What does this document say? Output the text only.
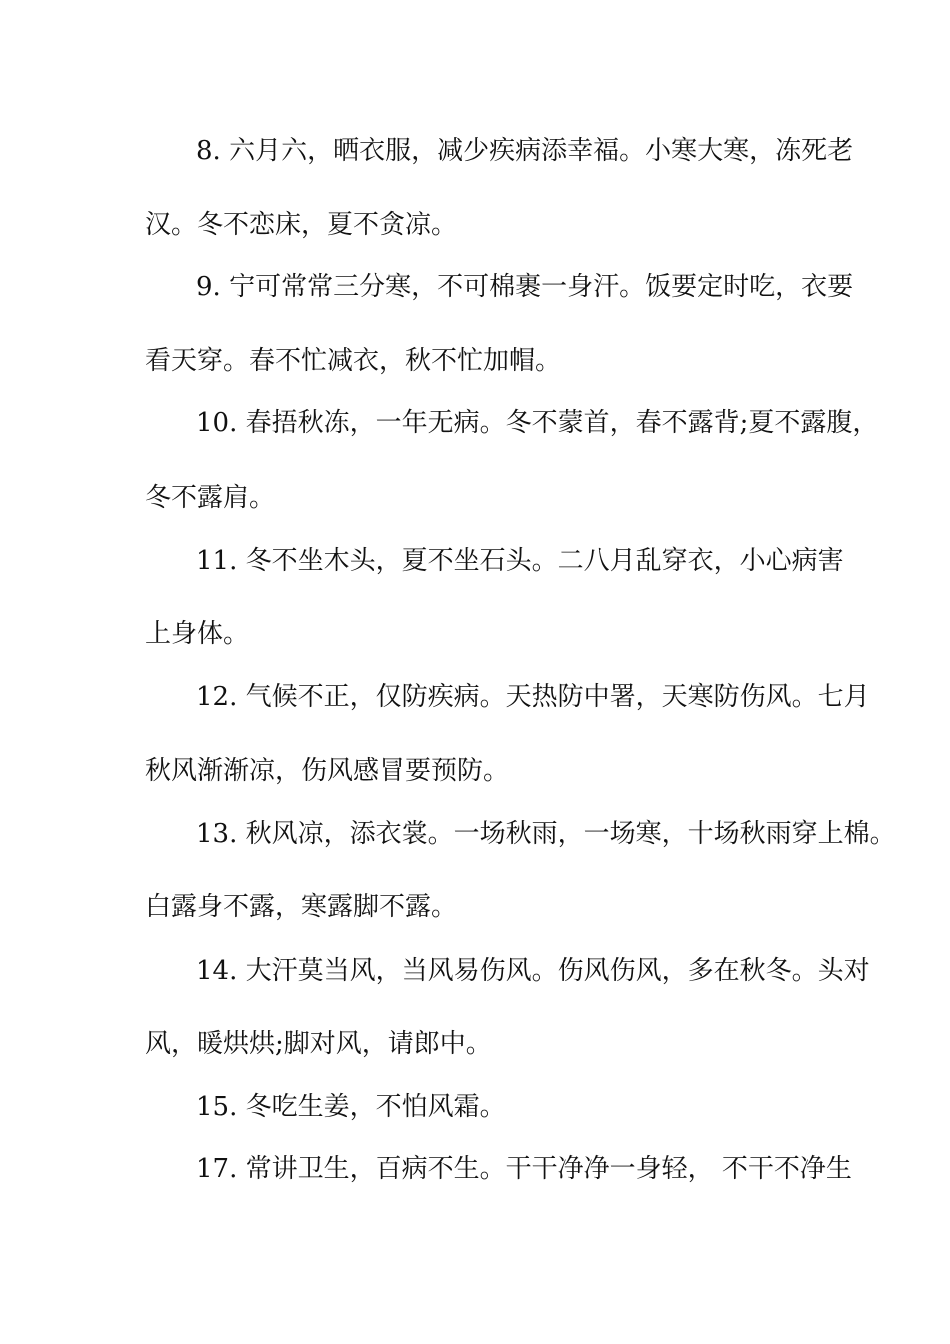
8. 六月六，晒衣服，减少疾病添幸福。小寒大寒，冻死老
汉。冬不恋床，夏不贪凉。
9. 宁可常常三分寒，不可棉裹一身汗。饭要定时吃，衣要
看天穿。春不忙减衣，秋不忙加帽。
10. 春捂秋冻，一年无病。冬不蒙首，春不露背;夏不露腹，
冬不露肩。
11. 冬不坐木头，夏不坐石头。二八月乱穿衣，小心病害
上身体。
12. 气候不正，仅防疾病。天热防中署，天寒防伤风。七月
秋风渐渐凉，伤风感冒要预防。
13. 秋风凉，添衣裳。一场秋雨，一场寒，十场秋雨穿上棉。
白露身不露，寒露脚不露。
14. 大汗莫当风，当风易伤风。伤风伤风，多在秋冬。头对
风，暖烘烘;脚对风，请郎中。
15. 冬吃生姜，不怕风霜。
17. 常讲卫生，百病不生。干干净净一身轻， 不干不净生
